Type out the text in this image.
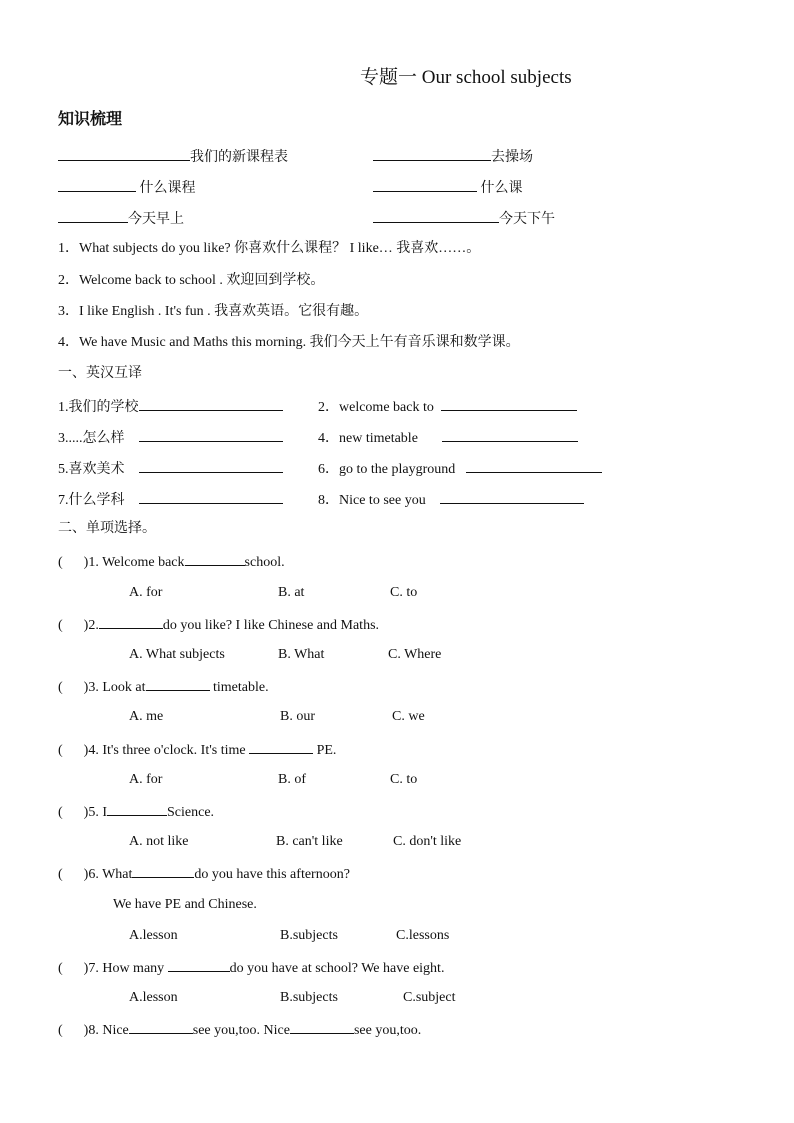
专题一 Our school subjects
知识梳理
我们的新课程表	去操场
什么课程	什么课
今天早上	今天下午
1．What subjects do you like? 你喜欢什么课程？ I like… 我喜欢……。
2．Welcome back to school . 欢迎回到学校。
3．I like English . It's fun . 我喜欢英语。它很有趣。
4．We have Music and Maths this morning. 我们今天上午有音乐课和数学课。
一、英汉互译
1.我们的学校	2．welcome back to
3.....怎么样	4．new timetable
5.喜欢美术	6．go to the playground
7.什么学科	8．Nice to see you
二、单项选择。
( )1. Welcome back	school.
A. for	B. at	C. to
( )2.	do you like? I like Chinese and Maths.
A. What subjects	B. What	C. Where
( )3. Look at	timetable.
A. me	B. our	C. we
( )4. It's three o'clock. It's time	PE.
A. for	B. of	C. to
( )5. I	Science.
A. not like	B. can't like	C. don't like
( )6. What	do you have this afternoon?
We have PE and Chinese.
A.lesson	B.subjects	C.lessons
( )7. How many	do you have at school? We have eight.
A.lesson	B.subjects	C.subject
( )8. Nice	see you,too. Nice	see you,too.
